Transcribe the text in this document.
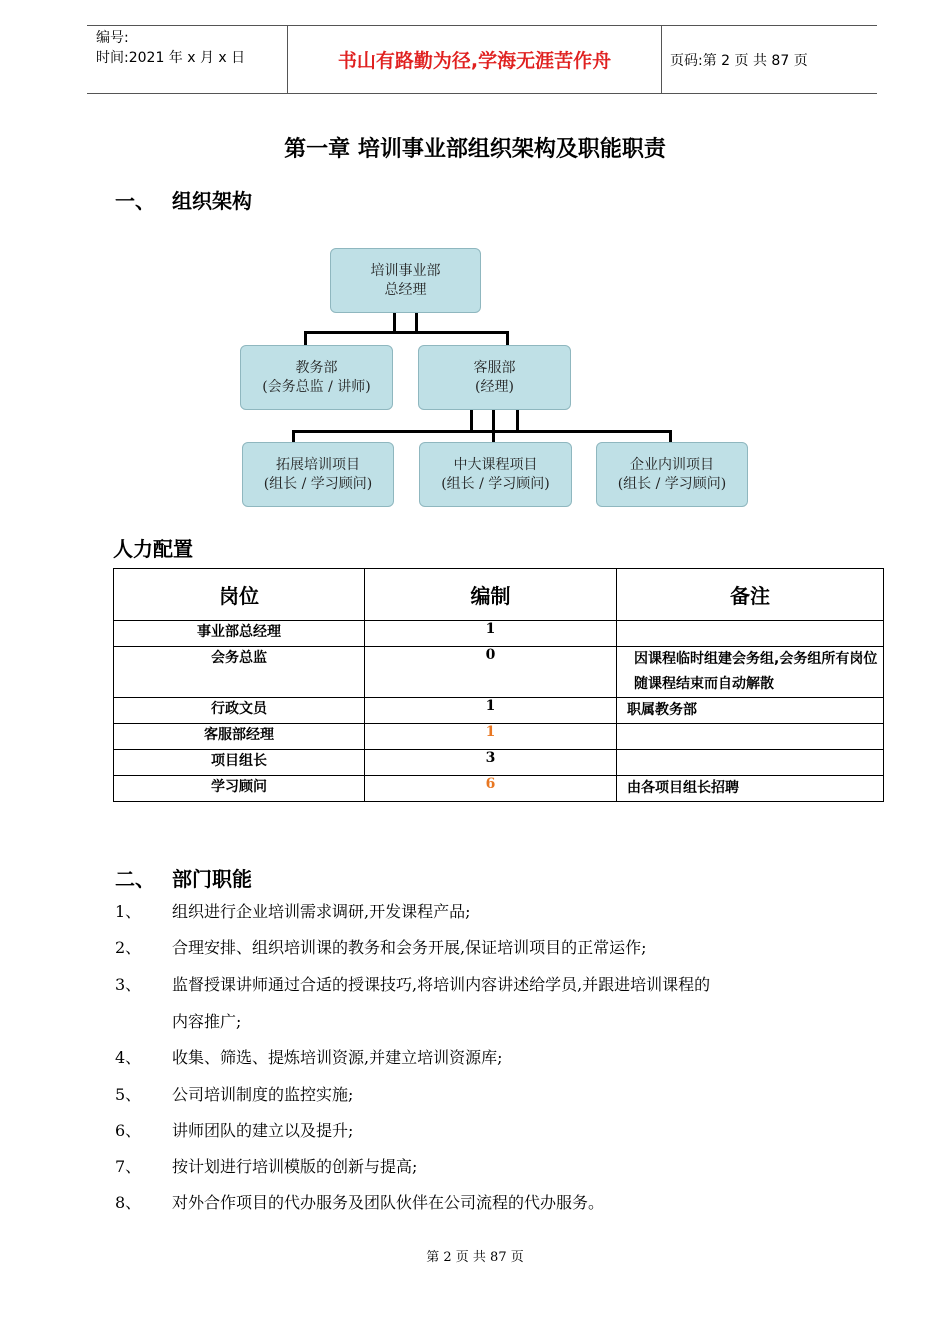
编号:
时间:2021 年 x 月 x 日	书山有路勤为径,学海无涯苦作舟	页码:第 2 页 共 87 页
第一章 培训事业部组织架构及职能职责
一、 组织架构
培训事业部
总经理
教务部
(会务总监 / 讲师)
客服部
(经理)
拓展培训项目
(组长 / 学习顾问)
中大课程项目
(组长 / 学习顾问)
企业内训项目
(组长 / 学习顾问)
人力配置
岗位	编制	备注
事业部总经理	1	
会务总监	0	因课程临时组建会务组,会务组所有岗位随课程结束而自动解散
行政文员	1	职属教务部
客服部经理	1	
项目组长	3	
学习顾问	6	由各项目组长招聘
二、 部门职能
1、 组织进行企业培训需求调研,开发课程产品;
2、 合理安排、组织培训课的教务和会务开展,保证培训项目的正常运作;
3、 监督授课讲师通过合适的授课技巧,将培训内容讲述给学员,并跟进培训课程的
内容推广;
4、 收集、筛选、提炼培训资源,并建立培训资源库;
5、 公司培训制度的监控实施;
6、 讲师团队的建立以及提升;
7、 按计划进行培训模版的创新与提高;
8、 对外合作项目的代办服务及团队伙伴在公司流程的代办服务。
第 2 页 共 87 页
